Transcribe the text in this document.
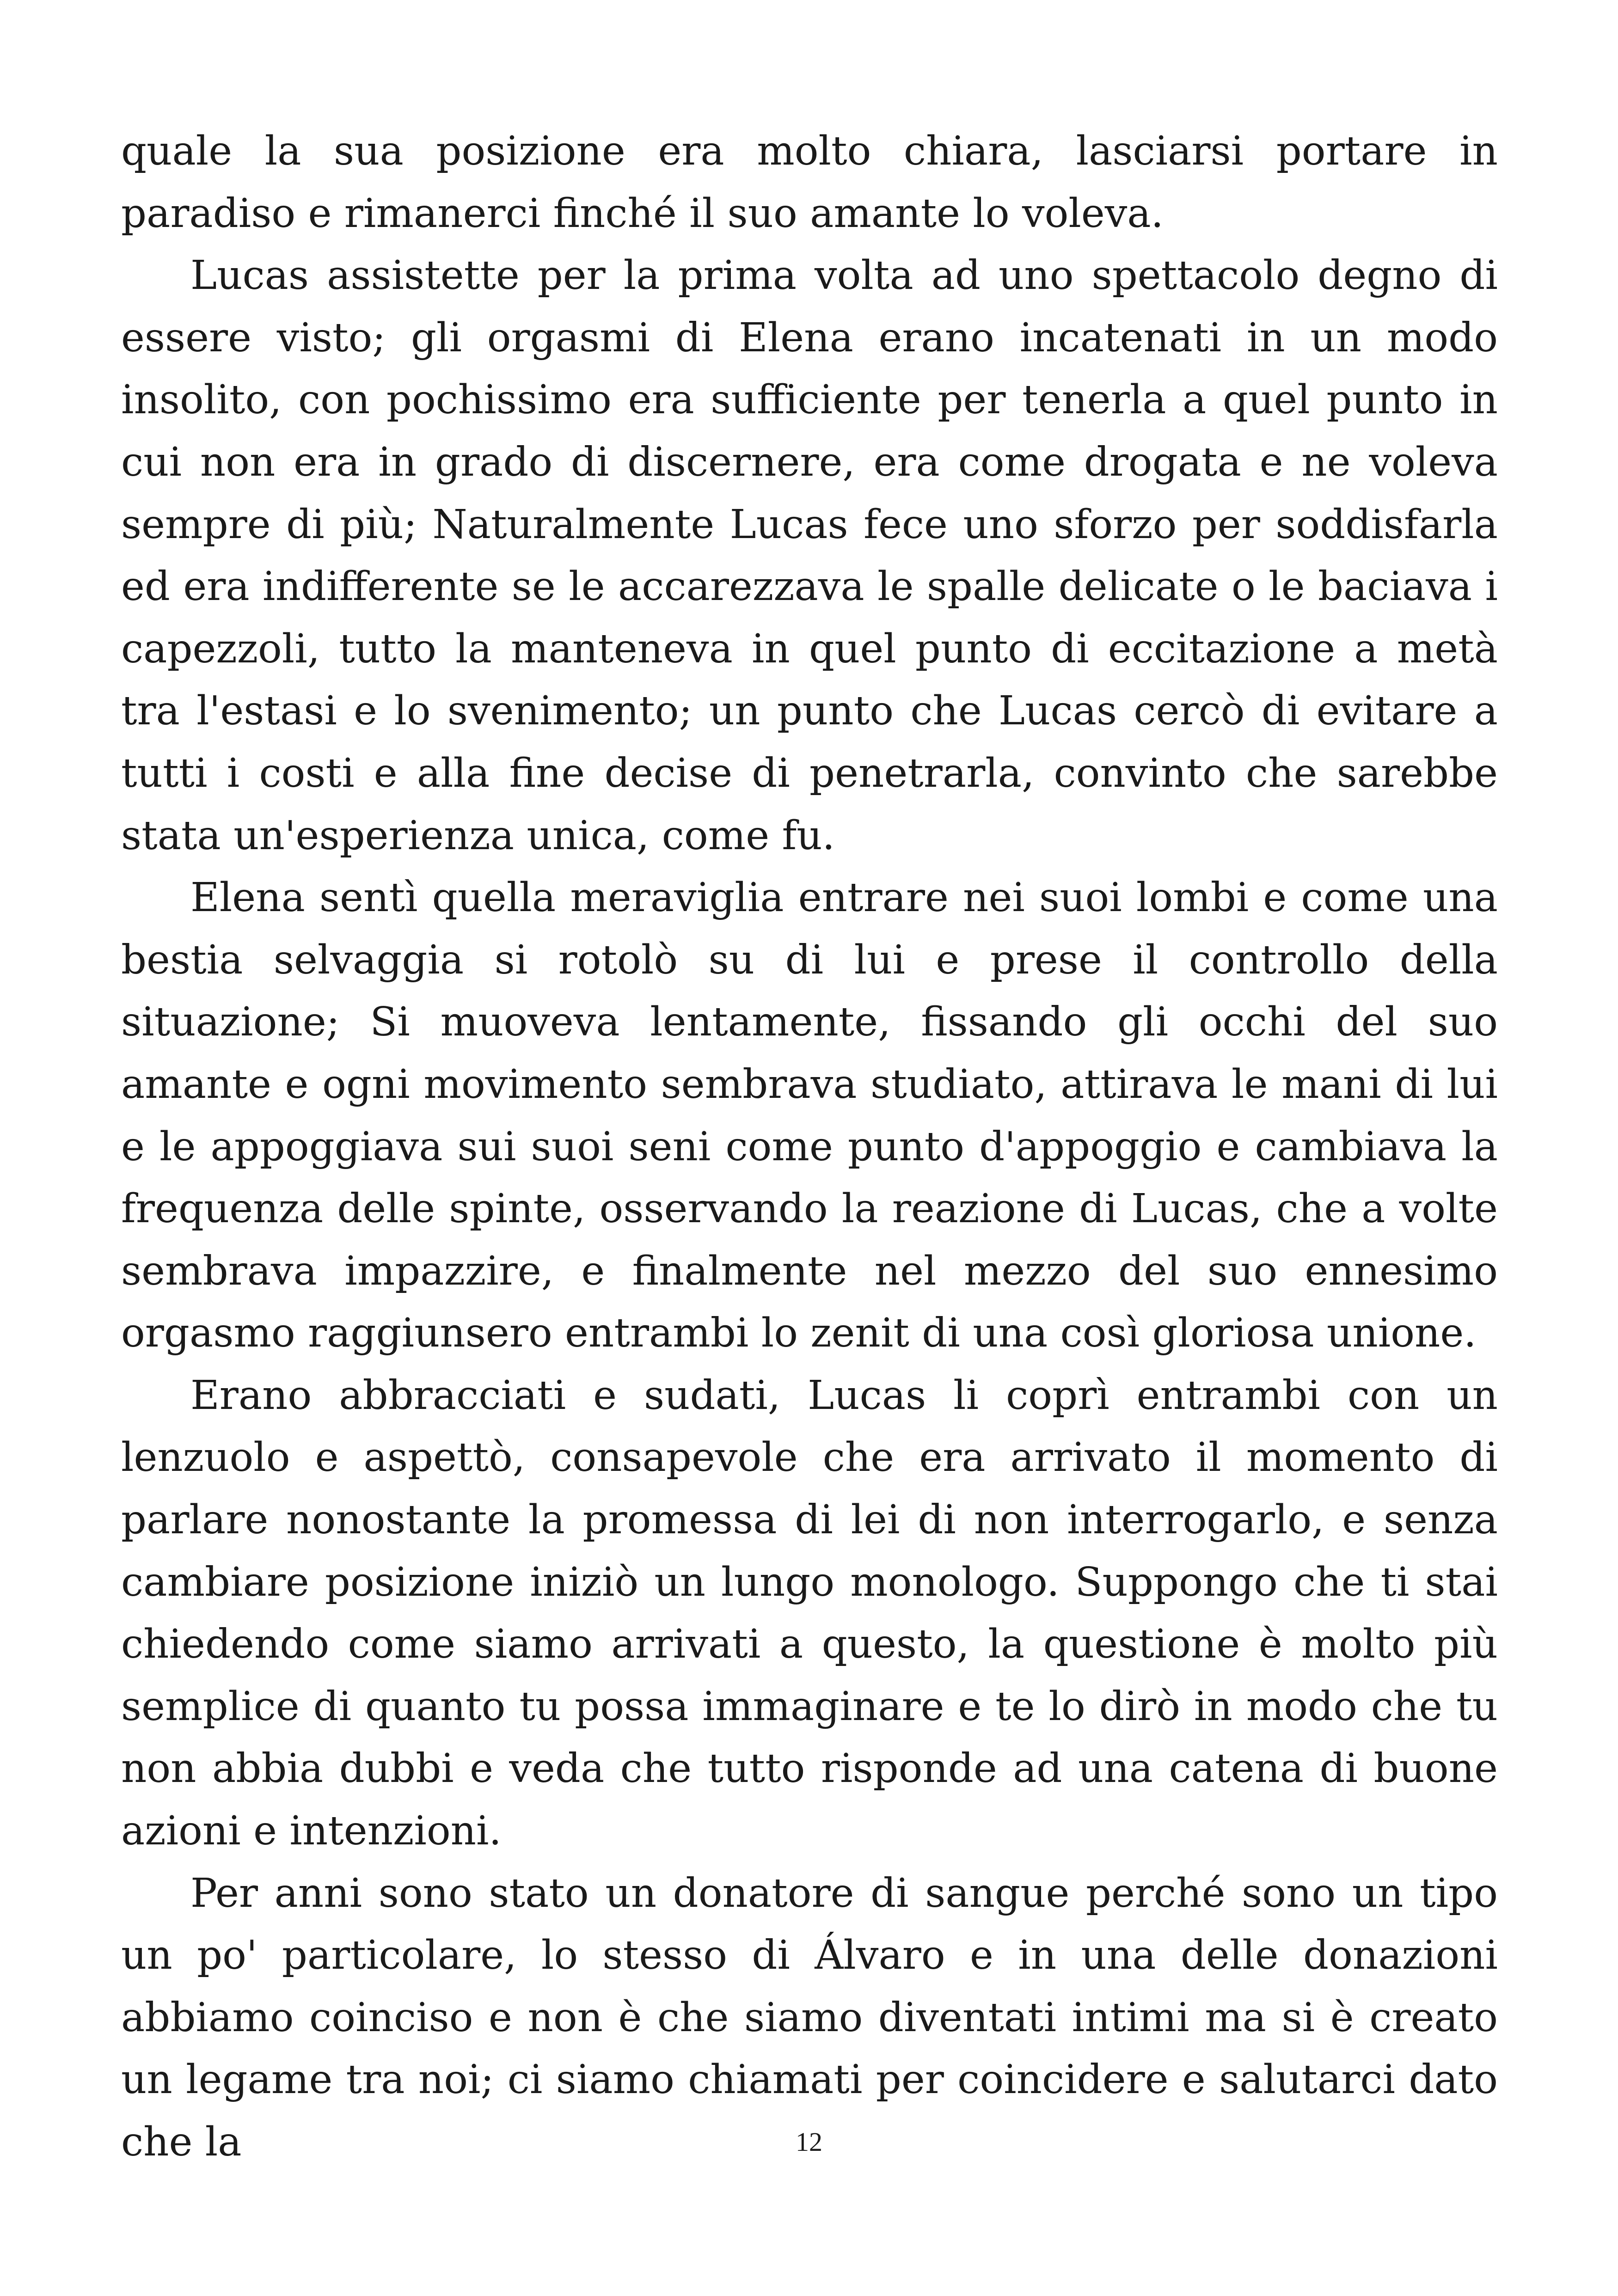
quale la sua posizione era molto chiara, lasciarsi portare in paradiso e rimanerci finché il suo amante lo voleva.

Lucas assistette per la prima volta ad uno spettacolo degno di essere visto; gli orgasmi di Elena erano incatenati in un modo insolito, con pochissimo era sufficiente per tenerla a quel punto in cui non era in grado di discernere, era come drogata e ne voleva sempre di più; Naturalmente Lucas fece uno sforzo per soddisfarla ed era indifferente se le accarezzava le spalle delicate o le baciava i capezzoli, tutto la manteneva in quel punto di eccitazione a metà tra l'estasi e lo svenimento; un punto che Lucas cercò di evitare a tutti i costi e alla fine decise di penetrarla, convinto che sarebbe stata un'esperienza unica, come fu.

Elena sentì quella meraviglia entrare nei suoi lombi e come una bestia selvaggia si rotolò su di lui e prese il controllo della situazione; Si muoveva lentamente, fissando gli occhi del suo amante e ogni movimento sembrava studiato, attirava le mani di lui e le appoggiava sui suoi seni come punto d'appoggio e cambiava la frequenza delle spinte, osservando la reazione di Lucas, che a volte sembrava impazzire, e finalmente nel mezzo del suo ennesimo orgasmo raggiunsero entrambi lo zenit di una così gloriosa unione.

Erano abbracciati e sudati, Lucas li coprì entrambi con un lenzuolo e aspettò, consapevole che era arrivato il momento di parlare nonostante la promessa di lei di non interrogarlo, e senza cambiare posizione iniziò un lungo monologo. Suppongo che ti stai chiedendo come siamo arrivati a questo, la questione è molto più semplice di quanto tu possa immaginare e te lo dirò in modo che tu non abbia dubbi e veda che tutto risponde ad una catena di buone azioni e intenzioni.

Per anni sono stato un donatore di sangue perché sono un tipo un po' particolare, lo stesso di Álvaro e in una delle donazioni abbiamo coinciso e non è che siamo diventati intimi ma si è creato un legame tra noi; ci siamo chiamati per coincidere e salutarci dato che la	12
